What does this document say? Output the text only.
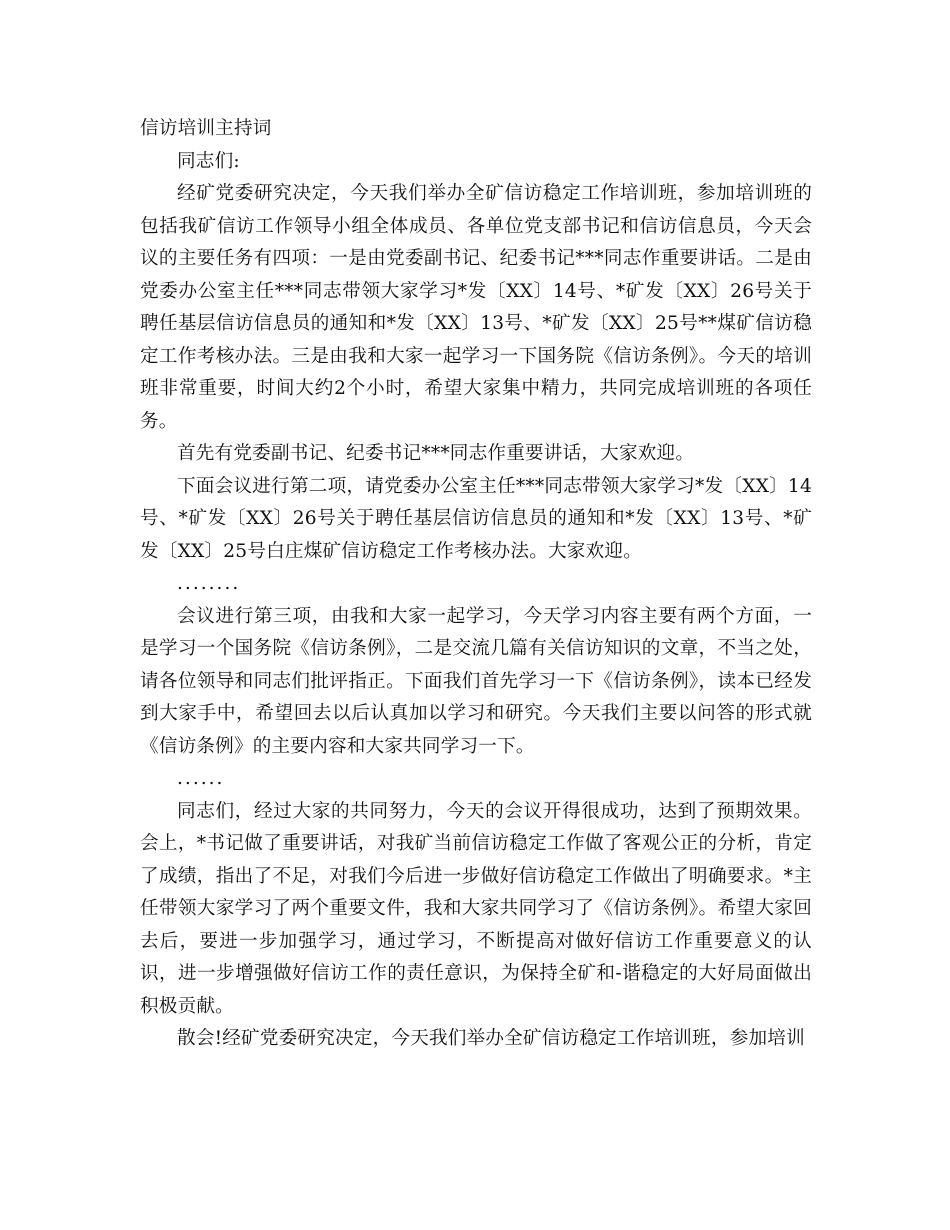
信访培训主持词

同志们:

经矿党委研究决定，今天我们举办全矿信访稳定工作培训班，参加培训班的包括我矿信访工作领导小组全体成员、各单位党支部书记和信访信息员，今天会议的主要任务有四项：一是由党委副书记、纪委书记***同志作重要讲话。二是由党委办公室主任***同志带领大家学习*发〔XX〕14号、*矿发〔XX〕26号关于聘任基层信访信息员的通知和*发〔XX〕13号、*矿发〔XX〕25号**煤矿信访稳定工作考核办法。三是由我和大家一起学习一下国务院《信访条例》。今天的培训班非常重要，时间大约2个小时，希望大家集中精力，共同完成培训班的各项任务。

首先有党委副书记、纪委书记***同志作重要讲话，大家欢迎。

下面会议进行第二项，请党委办公室主任***同志带领大家学习*发〔XX〕14号、*矿发〔XX〕26号关于聘任基层信访信息员的通知和*发〔XX〕13号、*矿发〔XX〕25号白庄煤矿信访稳定工作考核办法。大家欢迎。

........

会议进行第三项，由我和大家一起学习，今天学习内容主要有两个方面，一是学习一个国务院《信访条例》，二是交流几篇有关信访知识的文章，不当之处，请各位领导和同志们批评指正。下面我们首先学习一下《信访条例》，读本已经发到大家手中，希望回去以后认真加以学习和研究。今天我们主要以问答的形式就《信访条例》的主要内容和大家共同学习一下。

......

同志们，经过大家的共同努力，今天的会议开得很成功，达到了预期效果。会上，*书记做了重要讲话，对我矿当前信访稳定工作做了客观公正的分析，肯定了成绩，指出了不足，对我们今后进一步做好信访稳定工作做出了明确要求。*主任带领大家学习了两个重要文件，我和大家共同学习了《信访条例》。希望大家回去后，要进一步加强学习，通过学习，不断提高对做好信访工作重要意义的认识，进一步增强做好信访工作的责任意识，为保持全矿和-谐稳定的大好局面做出积极贡献。

散会!经矿党委研究决定，今天我们举办全矿信访稳定工作培训班，参加培训
